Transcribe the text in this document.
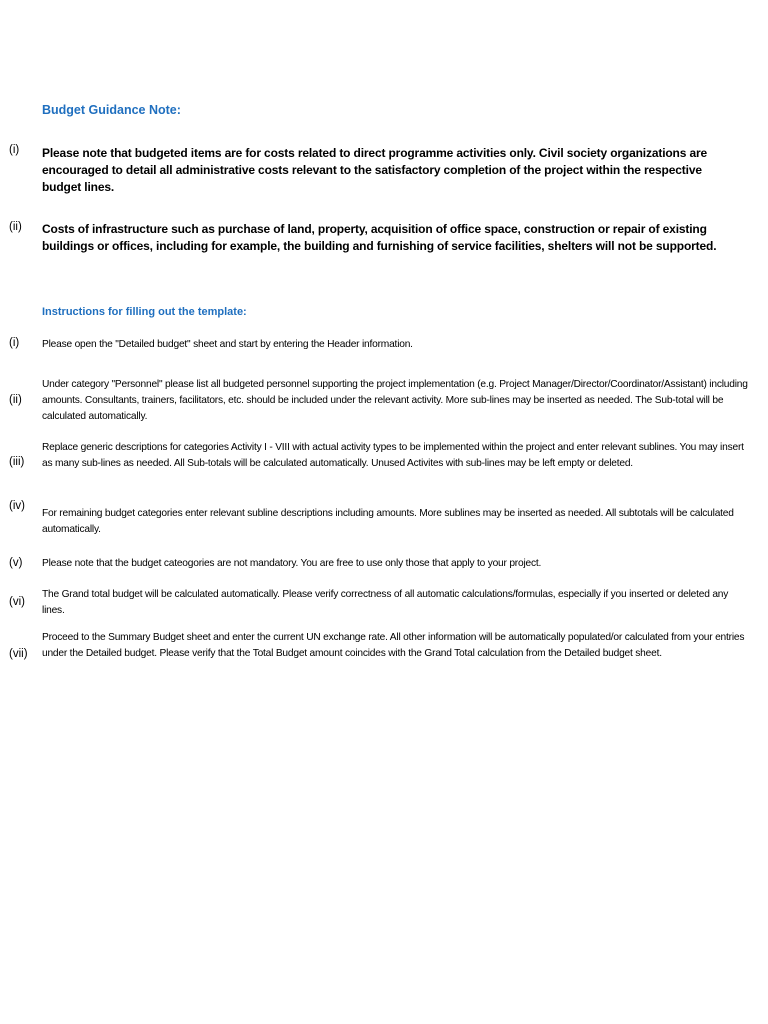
Budget Guidance Note:
(i) Please note that budgeted items are for costs related to direct programme activities only. Civil society organizations are encouraged to detail all administrative costs relevant to the satisfactory completion of the project within the respective budget lines.
(ii) Costs of infrastructure such as purchase of land, property, acquisition of office space, construction or repair of existing buildings or offices, including for example, the building and furnishing of service facilities, shelters will not be supported.
Instructions for filling out the template:
(i) Please open the "Detailed budget" sheet and start by entering the Header information.
(ii)
Under category "Personnel" please list all budgeted personnel supporting the project implementation (e.g. Project Manager/Director/Coordinator/Assistant) including amounts. Consultants, trainers, facilitators, etc. should be included under the relevant activity. More sub-lines may be inserted as needed. The Sub-total will be calculated automatically.
(iii)
Replace generic descriptions for categories Activity I - VIII with actual activity types to be implemented within the project and enter relevant sublines. You may insert as many sub-lines as needed. All Sub-totals will be calculated automatically. Unused Activites with sub-lines may be left empty or deleted.
(iv)
For remaining budget categories enter relevant subline descriptions including amounts. More sublines may be inserted as needed. All subtotals will be calculated automatically.
(v) Please note that the budget cateogories are not mandatory. You are free to use only those that apply to your project.
(vi)
The Grand total budget will be calculated automatically. Please verify correctness of all automatic calculations/formulas, especially if you inserted or deleted any lines.
(vii)
Proceed to the Summary Budget sheet and enter the current UN exchange rate. All other information will be automatically populated/or calculated from your entries under the Detailed budget. Please verify that the Total Budget amount coincides with the Grand Total calculation from the Detailed budget sheet.
